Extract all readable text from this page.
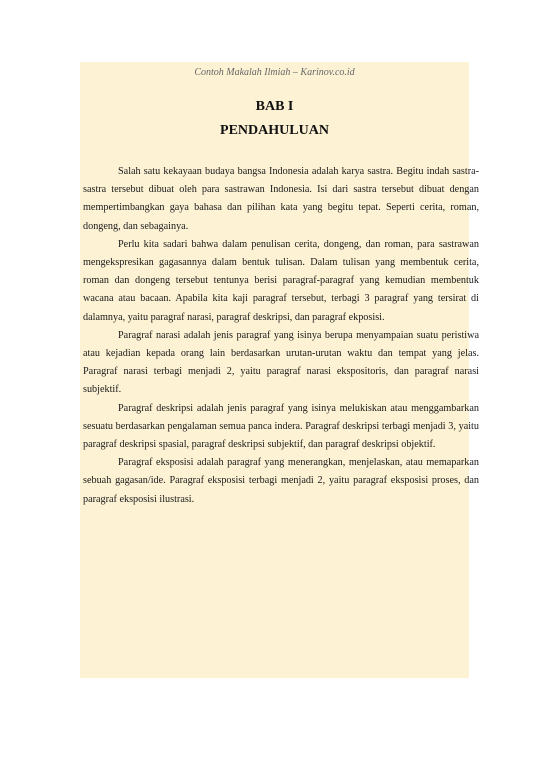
Contoh Makalah Ilmiah – Karinov.co.id
BAB I
PENDAHULUAN

Salah satu kekayaan budaya bangsa Indonesia adalah karya sastra. Begitu indah sastra-sastra tersebut dibuat oleh para sastrawan Indonesia. Isi dari sastra tersebut dibuat dengan mempertimbangkan gaya bahasa dan pilihan kata yang begitu tepat. Seperti cerita, roman, dongeng, dan sebagainya.

Perlu kita sadari bahwa dalam penulisan cerita, dongeng, dan roman, para sastrawan mengekspresikan gagasannya dalam bentuk tulisan. Dalam tulisan yang membentuk cerita, roman dan dongeng tersebut tentunya berisi paragraf-paragraf yang kemudian membentuk wacana atau bacaan. Apabila kita kaji paragraf tersebut, terbagi 3 paragraf yang tersirat di dalamnya, yaitu paragraf narasi, paragraf deskripsi, dan paragraf ekposisi.

Paragraf narasi adalah jenis paragraf yang isinya berupa menyampaian suatu peristiwa atau kejadian kepada orang lain berdasarkan urutan-urutan waktu dan tempat yang jelas. Paragraf narasi terbagi menjadi 2, yaitu paragraf narasi ekspositoris, dan paragraf narasi subjektif.

Paragraf deskripsi adalah jenis paragraf yang isinya melukiskan atau menggambarkan sesuatu berdasarkan pengalaman semua panca indera. Paragraf deskripsi terbagi menjadi 3, yaitu paragraf deskripsi spasial, paragraf deskripsi subjektif, dan paragraf deskripsi objektif.

Paragraf eksposisi adalah paragraf yang menerangkan, menjelaskan, atau memaparkan sebuah gagasan/ide. Paragraf eksposisi terbagi menjadi 2, yaitu paragraf eksposisi proses, dan paragraf eksposisi ilustrasi.
